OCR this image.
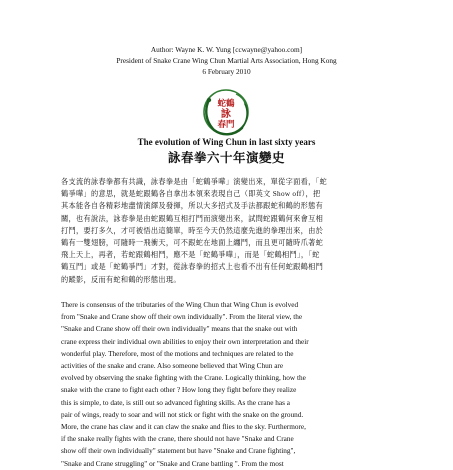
Author: Wayne K. W. Yung [ccwayne@yahoo.com]
President of Snake Crane Wing Chun Martial Arts Association, Hong Kong
6 February 2010
蛇鶴
詠
春門
The evolution of Wing Chun in last sixty years
詠春拳六十年演變史

各支流的詠春拳都有共識，詠春拳是由「蛇鶴爭嘩」演變出來，單從字面看，「蛇

鶴爭嘩」的意思，就是蛇跟鶴各自拿出本領來表現自己（即英文 Show off），把

其本能各自各精彩地盡情演繹及發揮，所以大多招式及手法都跟蛇和鶴的形態有

關，也有說法，詠春拳是由蛇跟鶴互相打鬥而演變出來，試問蛇跟鶴何來會互相

打鬥，要打多久，才可被悟出這簡單，時至今天仍然這麼先進的拳理出來，由於

鶴有一雙翅膀，可隨時一飛衝天，可不跟蛇在地面上纏鬥，而且更可隨時爪著蛇

飛上天上，再者，若蛇跟鶴相鬥，應不是「蛇鶴爭嘩」，而是「蛇鶴相鬥」，「蛇

鶴互鬥」或是「蛇鶴爭鬥」才對，從詠春拳的招式上也看不出有任何蛇跟鶴相鬥

的蹤影，反而有蛇和鶴的形態出現。

There is consensus of the tributaries of the Wing Chun that Wing Chun is evolved

from "Snake and Crane show off their own individually". From the literal view, the

"Snake and Crane show off their own individually" means that the snake out with

crane express their individual own abilities to enjoy their own interpretation and their

wonderful play. Therefore, most of the motions and techniques are related to the

activities of the snake and crane. Also someone believed that Wing Chun are

evolved by observing the snake fighting with the Crane. Logically thinking, how the

snake with the crane to fight each other ? How long they fight before they realize

this is simple, to date, is still out so advanced fighting skills. As the crane has a

pair of wings, ready to soar and will not stick or fight with the snake on the ground.

More, the crane has claw and it can claw the snake and flies to the sky. Furthermore,

if the snake really fights with the crane, there should not have "Snake and Crane

show off their own individually" statement but have "Snake and Crane fighting",

"Snake and Crane struggling" or "Snake and Crane battling ". From the most
